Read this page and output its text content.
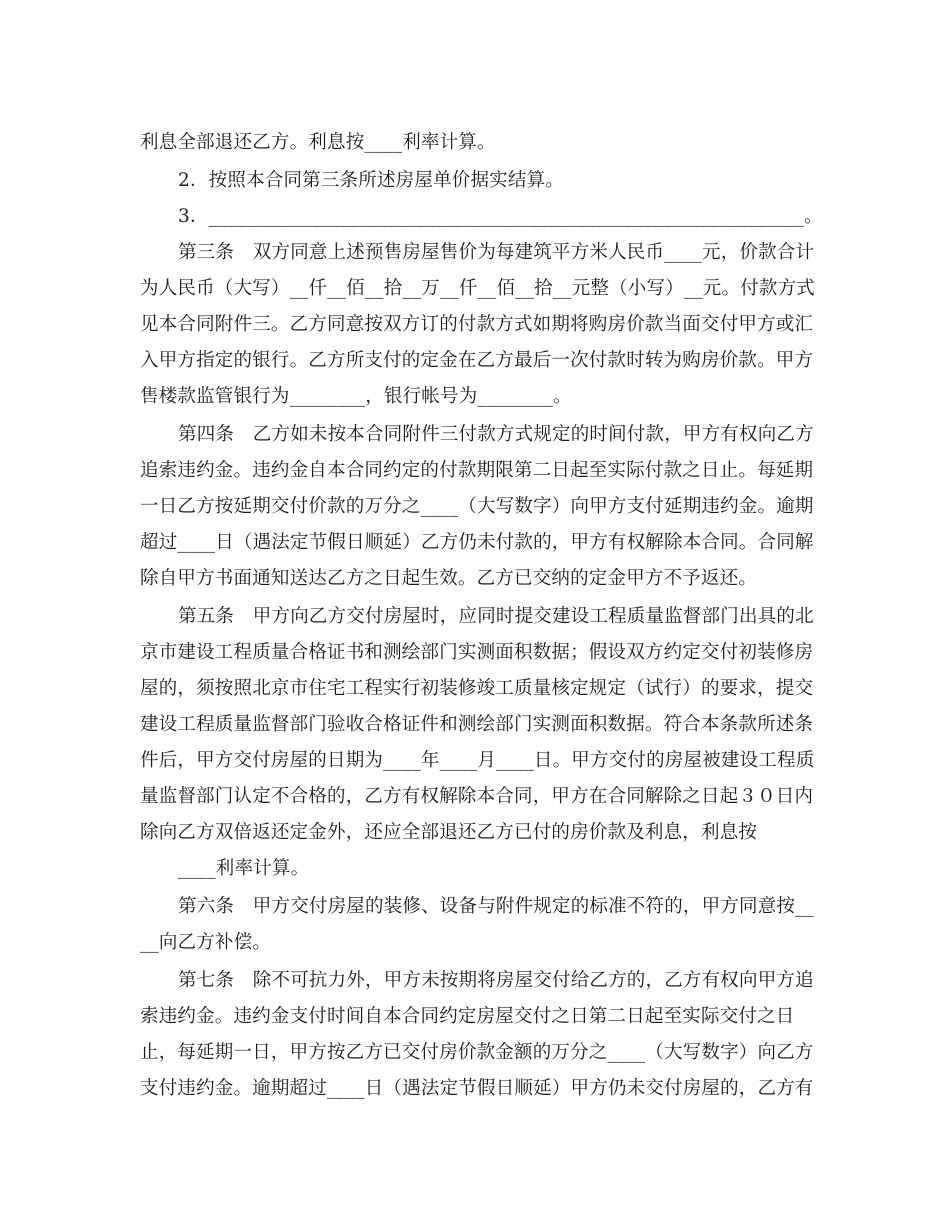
利息全部退还乙方。利息按____利率计算。
2．按照本合同第三条所述房屋单价据实结算。
3．_______________________________________________________________。
第三条　双方同意上述预售房屋售价为每建筑平方米人民币____元，价款合计
为人民币（大写）__仟__佰__拾__万__仟__佰__拾__元整（小写）__元。付款方式
见本合同附件三。乙方同意按双方订的付款方式如期将购房价款当面交付甲方或汇
入甲方指定的银行。乙方所支付的定金在乙方最后一次付款时转为购房价款。甲方
售楼款监管银行为________，银行帐号为________。
第四条　乙方如未按本合同附件三付款方式规定的时间付款，甲方有权向乙方
追索违约金。违约金自本合同约定的付款期限第二日起至实际付款之日止。每延期
一日乙方按延期交付价款的万分之____（大写数字）向甲方支付延期违约金。逾期
超过____日（遇法定节假日顺延）乙方仍未付款的，甲方有权解除本合同。合同解
除自甲方书面通知送达乙方之日起生效。乙方已交纳的定金甲方不予返还。
第五条　甲方向乙方交付房屋时，应同时提交建设工程质量监督部门出具的北
京市建设工程质量合格证书和测绘部门实测面积数据；假设双方约定交付初装修房
屋的，须按照北京市住宅工程实行初装修竣工质量核定规定（试行）的要求，提交
建设工程质量监督部门验收合格证件和测绘部门实测面积数据。符合本条款所述条
件后，甲方交付房屋的日期为____年____月____日。甲方交付的房屋被建设工程质
量监督部门认定不合格的，乙方有权解除本合同，甲方在合同解除之日起３０日内
除向乙方双倍返还定金外，还应全部退还乙方已付的房价款及利息，利息按
____利率计算。
第六条　甲方交付房屋的装修、设备与附件规定的标准不符的，甲方同意按__
__向乙方补偿。
第七条　除不可抗力外，甲方未按期将房屋交付给乙方的，乙方有权向甲方追
索违约金。违约金支付时间自本合同约定房屋交付之日第二日起至实际交付之日
止，每延期一日，甲方按乙方已交付房价款金额的万分之____（大写数字）向乙方
支付违约金。逾期超过____日（遇法定节假日顺延）甲方仍未交付房屋的，乙方有
